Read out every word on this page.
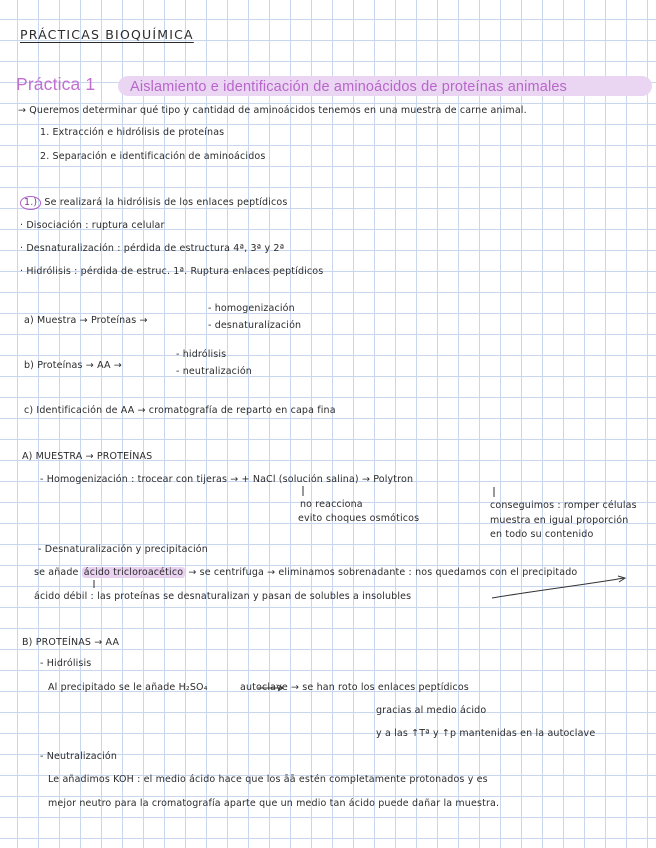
PRÁCTICAS BIOQUÍMICA
Práctica 1 Aislamiento e identificación de aminoácidos de proteínas animales
→ Queremos determinar qué tipo y cantidad de aminoácidos tenemos en una muestra de carne animal.
1. Extracción e hidrólisis de proteínas
2. Separación e identificación de aminoácidos
1.) Se realizará la hidrólisis de los enlaces peptídicos
· Disociación : ruptura celular
· Desnaturalización : pérdida de estructura 4ª, 3ª y 2ª
· Hidrólisis : pérdida de estruc. 1ª. Ruptura enlaces peptídicos
a) Muestra → Proteínas →
- homogenización
- desnaturalización
b) Proteínas → AA →
- hidrólisis
- neutralización
c) Identificación de AA → cromatografía de reparto en capa fina
A) MUESTRA → PROTEÍNAS
- Homogenización : trocear con tijeras → + NaCl (solución salina) → Polytron
no reacciona
evito choques osmóticos
conseguimos : romper células
muestra en igual proporción
en todo su contenido
- Desnaturalización y precipitación
se añade ácido tricloroacético → se centrifuga → eliminamos sobrenadante : nos quedamos con el precipitado
ácido débil : las proteínas se desnaturalizan y pasan de solubles a insolubles
B) PROTEÍNAS → AA
- Hidrólisis
Al precipitado se le añade H₂SO₄	autoclave → se han roto los enlaces peptídicos
gracias al medio ácido
y a las ↑Tª y ↑p mantenidas en la autoclave
- Neutralización
Le añadimos KOH : el medio ácido hace que los āā estén completamente protonados y es
mejor neutro para la cromatografía aparte que un medio tan ácido puede dañar la muestra.
